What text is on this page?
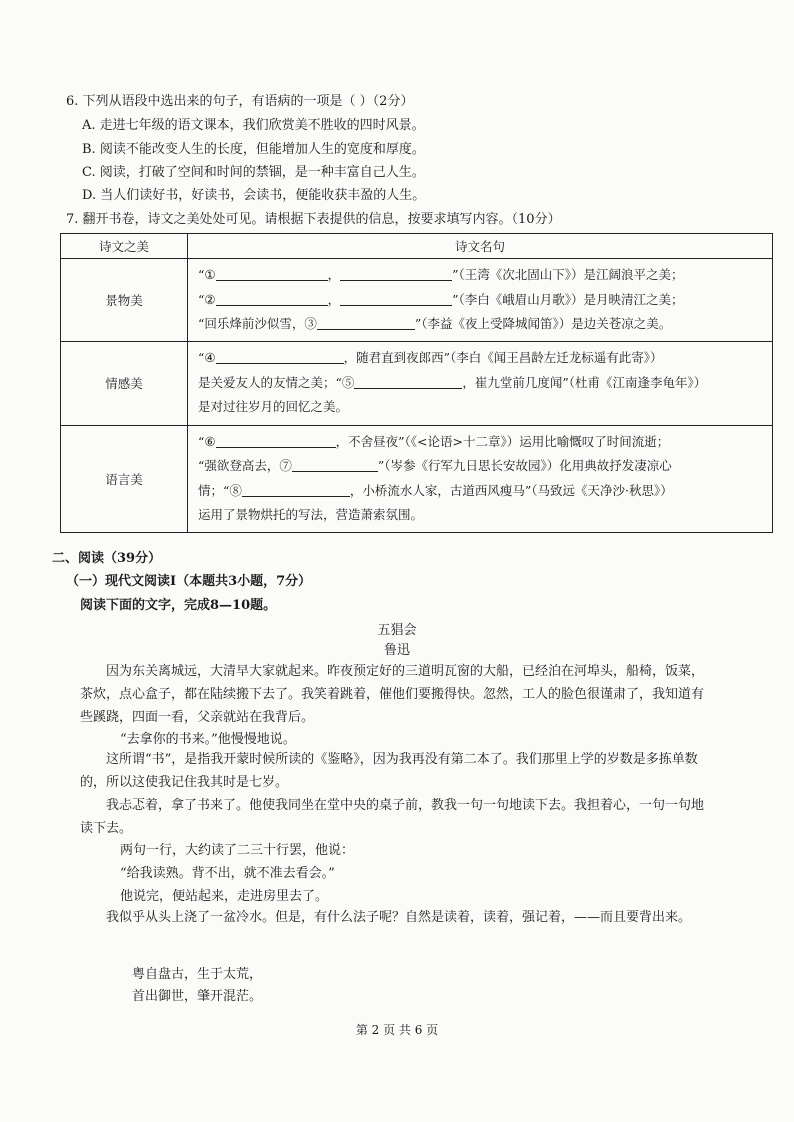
6. 下列从语段中选出来的句子，有语病的一项是（ ）（2分）
A. 走进七年级的语文课本，我们欣赏美不胜收的四时风景。
B. 阅读不能改变人生的长度，但能增加人生的宽度和厚度。
C. 阅读，打破了空间和时间的禁锢，是一种丰富自己人生。
D. 当人们读好书，好读书，会读书，便能收获丰盈的人生。
7. 翻开书卷，诗文之美处处可见。请根据下表提供的信息，按要求填写内容。（10分）
诗文之美	诗文名句
景物美	“① ， ”（王湾《次北固山下》）是江阔浪平之美；
“② ， ”（李白《峨眉山月歌》）是月映清江之美；
“回乐烽前沙似雪，③ ”（李益《夜上受降城闻笛》）是边关苍凉之美。

情感美	“④ ，随君直到夜郎西”（李白《闻王昌龄左迁龙标遥有此寄》）
是关爱友人的友情之美；“⑤ ，崔九堂前几度闻”（杜甫《江南逢李龟年》）
是对过往岁月的回忆之美。

语言美	“⑥ ，不舍昼夜”（《<论语>十二章》）运用比喻慨叹了时间流逝；
“强欲登高去，⑦ ”（岑参《行军九日思长安故园》）化用典故抒发凄凉心
情；“⑧ ，小桥流水人家，古道西风瘦马”（马致远《天净沙·秋思》）
运用了景物烘托的写法，营造萧索氛围。
二、阅读（39分）
（一）现代文阅读Ⅰ（本题共3小题，7分）
阅读下面的文字，完成8—10题。
五猖会
鲁迅
因为东关离城远，大清早大家就起来。昨夜预定好的三道明瓦窗的大船，已经泊在河埠头，船椅，饭菜，茶炊，点心盒子，都在陆续搬下去了。我笑着跳着，催他们要搬得快。忽然，工人的脸色很谨肃了，我知道有些蹊跷，四面一看，父亲就站在我背后。
“去拿你的书来。”他慢慢地说。
这所谓“书”，是指我开蒙时候所读的《鉴略》，因为我再没有第二本了。我们那里上学的岁数是多拣单数的，所以这使我记住我其时是七岁。
我忐忑着，拿了书来了。他使我同坐在堂中央的桌子前，教我一句一句地读下去。我担着心，一句一句地读下去。
两句一行，大约读了二三十行罢，他说：
“给我读熟。背不出，就不准去看会。”
他说完，便站起来，走进房里去了。
我似乎从头上浇了一盆冷水。但是，有什么法子呢？自然是读着，读着，强记着，——而且要背出来。
粤自盘古，生于太荒，
首出御世，肇开混茫。
第 2 页 共 6 页
